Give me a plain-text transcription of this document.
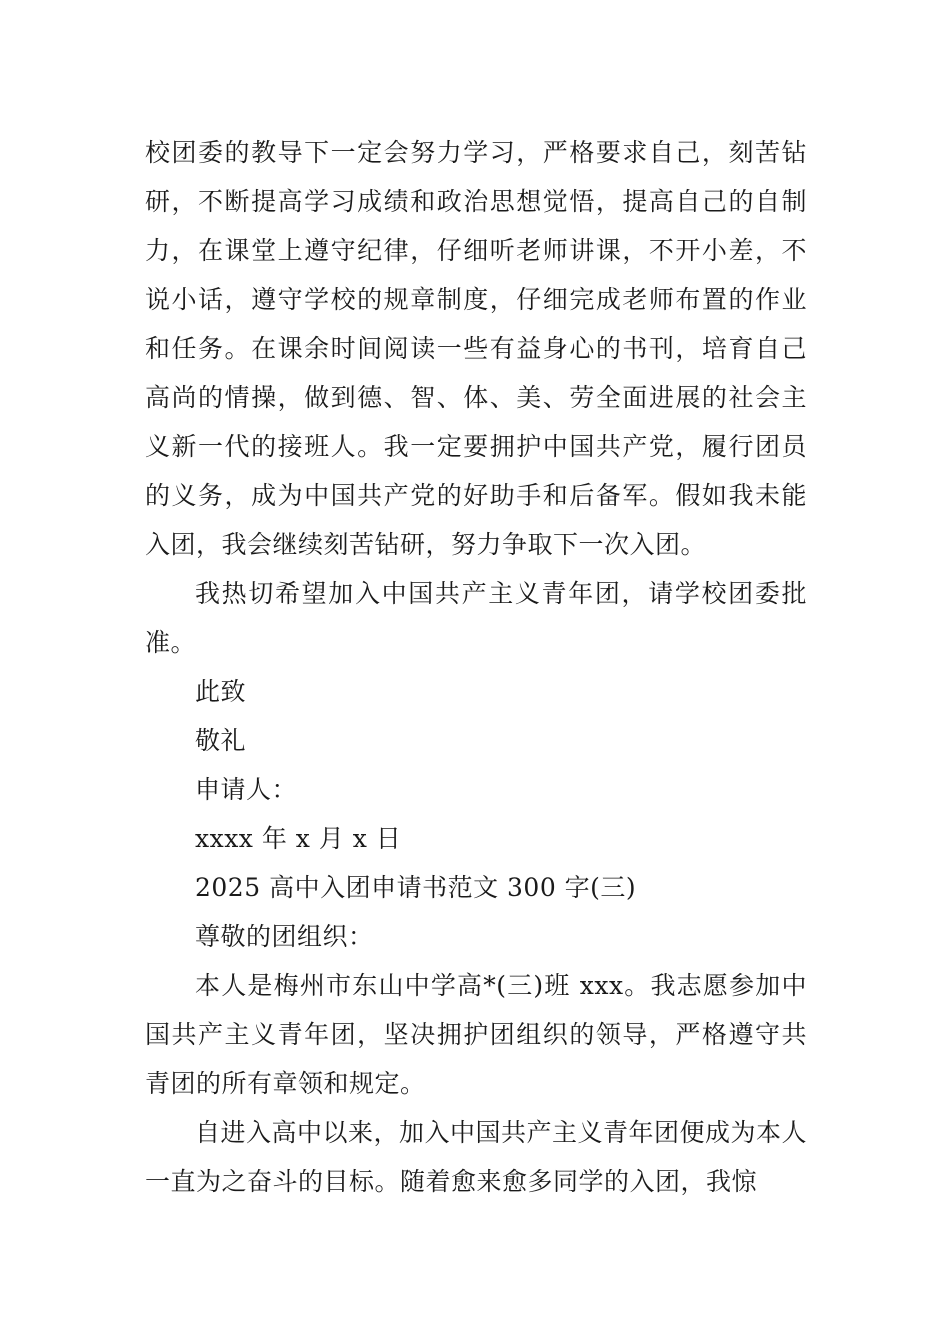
校团委的教导下一定会努力学习，严格要求自己，刻苦钻研，不断提高学习成绩和政治思想觉悟，提高自己的自制力，在课堂上遵守纪律，仔细听老师讲课，不开小差，不说小话，遵守学校的规章制度，仔细完成老师布置的作业和任务。在课余时间阅读一些有益身心的书刊，培育自己高尚的情操，做到德、智、体、美、劳全面进展的社会主义新一代的接班人。我一定要拥护中国共产党，履行团员的义务，成为中国共产党的好助手和后备军。假如我未能入团，我会继续刻苦钻研，努力争取下一次入团。

我热切希望加入中国共产主义青年团，请学校团委批准。

此致

敬礼

申请人：

xxxx 年 x 月 x 日

2025 高中入团申请书范文 300 字(三)

尊敬的团组织：

本人是梅州市东山中学高*(三)班 xxx。我志愿参加中国共产主义青年团，坚决拥护团组织的领导，严格遵守共青团的所有章领和规定。

自进入高中以来，加入中国共产主义青年团便成为本人一直为之奋斗的目标。随着愈来愈多同学的入团，我惊
